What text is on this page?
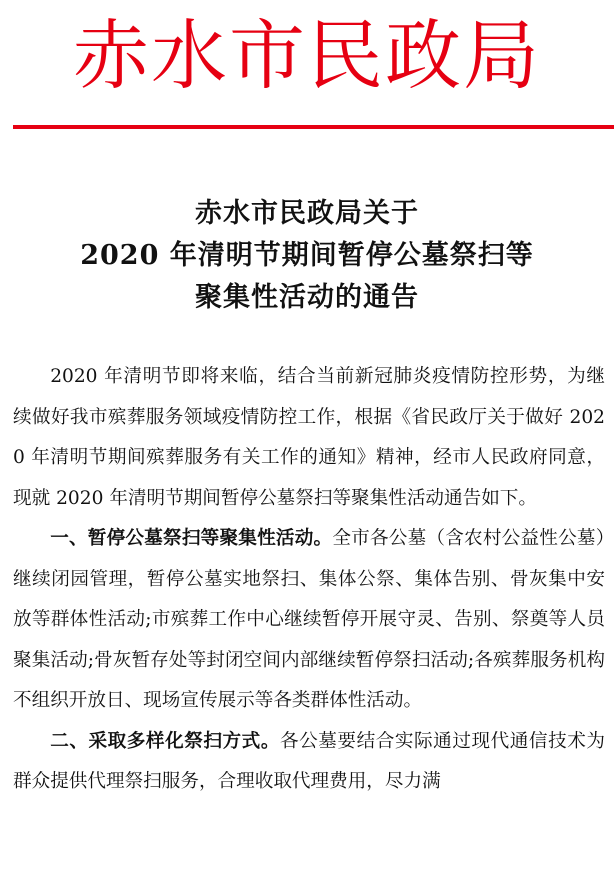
赤水市民政局
赤水市民政局关于
2020 年清明节期间暂停公墓祭扫等
聚集性活动的通告

2020 年清明节即将来临，结合当前新冠肺炎疫情防控形势，为继续做好我市殡葬服务领域疫情防控工作，根据《省民政厅关于做好 2020 年清明节期间殡葬服务有关工作的通知》精神，经市人民政府同意，现就 2020 年清明节期间暂停公墓祭扫等聚集性活动通告如下。

一、暂停公墓祭扫等聚集性活动。全市各公墓（含农村公益性公墓）继续闭园管理，暂停公墓实地祭扫、集体公祭、集体告别、骨灰集中安放等群体性活动;市殡葬工作中心继续暂停开展守灵、告别、祭奠等人员聚集活动;骨灰暂存处等封闭空间内部继续暂停祭扫活动;各殡葬服务机构不组织开放日、现场宣传展示等各类群体性活动。

二、采取多样化祭扫方式。各公墓要结合实际通过现代通信技术为群众提供代理祭扫服务，合理收取代理费用，尽力满
